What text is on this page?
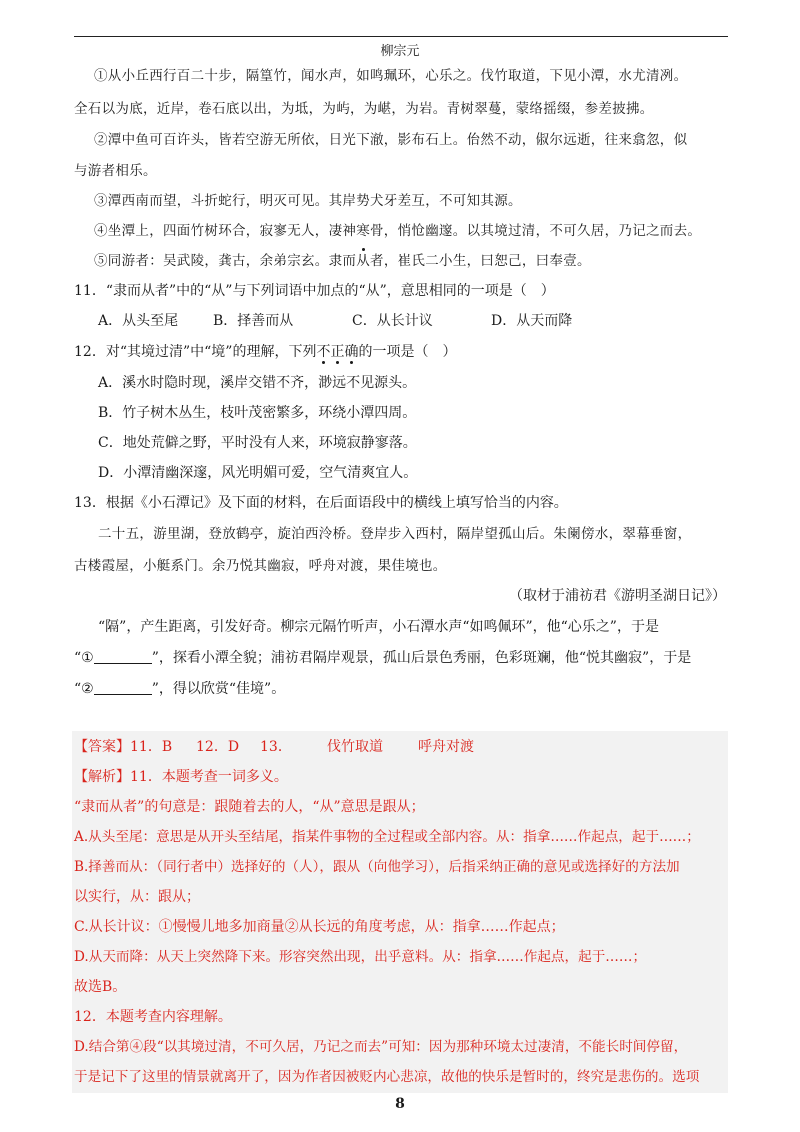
柳宗元
①从小丘西行百二十步，隔篁竹，闻水声，如鸣珮环，心乐之。伐竹取道，下见小潭，水尤清冽。
全石以为底，近岸，卷石底以出，为坻，为屿，为嵁，为岩。青树翠蔓，蒙络摇缀，参差披拂。
②潭中鱼可百许头，皆若空游无所依，日光下澈，影布石上。佁然不动，俶尔远逝，往来翕忽，似
与游者相乐。
③潭西南而望，斗折蛇行，明灭可见。其岸势犬牙差互，不可知其源。
④坐潭上，四面竹树环合，寂寥无人，凄神寒骨，悄怆幽邃。以其境过清，不可久居，乃记之而去。
⑤同游者：吴武陵，龚古，余弟宗玄。隶而从者，崔氏二小生，曰恕己，曰奉壹。
11．“隶而从者”中的“从”与下列词语中加点的“从”，意思相同的一项是（　）
A．从头至尾 B．择善而从	C．从长计议	D．从天而降
12．对“其境过清”中“境”的理解，下列不正确的一项是（　）
A．溪水时隐时现，溪岸交错不齐，渺远不见源头。
B．竹子树木丛生，枝叶茂密繁多，环绕小潭四周。
C．地处荒僻之野，平时没有人来，环境寂静寥落。
D．小潭清幽深邃，风光明媚可爱，空气清爽宜人。
13．根据《小石潭记》及下面的材料，在后面语段中的横线上填写恰当的内容。
二十五，游里湖，登放鹤亭，旋泊西泠桥。登岸步入西村，隔岸望孤山后。朱阑傍水，翠幕垂窗，
古楼霞屋，小艇系门。余乃悦其幽寂，呼舟对渡，果佳境也。
（取材于浦祊君《游明圣湖日记》）
“隔”，产生距离，引发好奇。柳宗元隔竹听声，小石潭水声“如鸣佩环”，他“心乐之”，于是
“①	”，探看小潭全貌；浦祊君隔岸观景，孤山后景色秀丽，色彩斑斓，他“悦其幽寂”，于是
“②	”，得以欣赏“佳境”。
【答案】 11．B 12．D 13．	伐竹取道	呼舟对渡
【解析】11．本题考查一词多义。
“隶而从者”的句意是：跟随着去的人，“从”意思是跟从；
A.从头至尾：意思是从开头至结尾，指某件事物的全过程或全部内容。从：指拿……作起点，起于……；
B.择善而从：（同行者中）选择好的（人），跟从（向他学习），后指采纳正确的意见或选择好的方法加
以实行，从：跟从；
C.从长计议：①慢慢儿地多加商量②从长远的角度考虑，从：指拿……作起点；
D.从天而降：从天上突然降下来。形容突然出现，出乎意料。从：指拿……作起点，起于……；
故选B。
12．本题考查内容理解。
D.结合第④段“以其境过清，不可久居，乃记之而去”可知：因为那种环境太过凄清，不能长时间停留，
于是记下了这里的情景就离开了，因为作者因被贬内心悲凉，故他的快乐是暂时的，终究是悲伤的。选项
8
